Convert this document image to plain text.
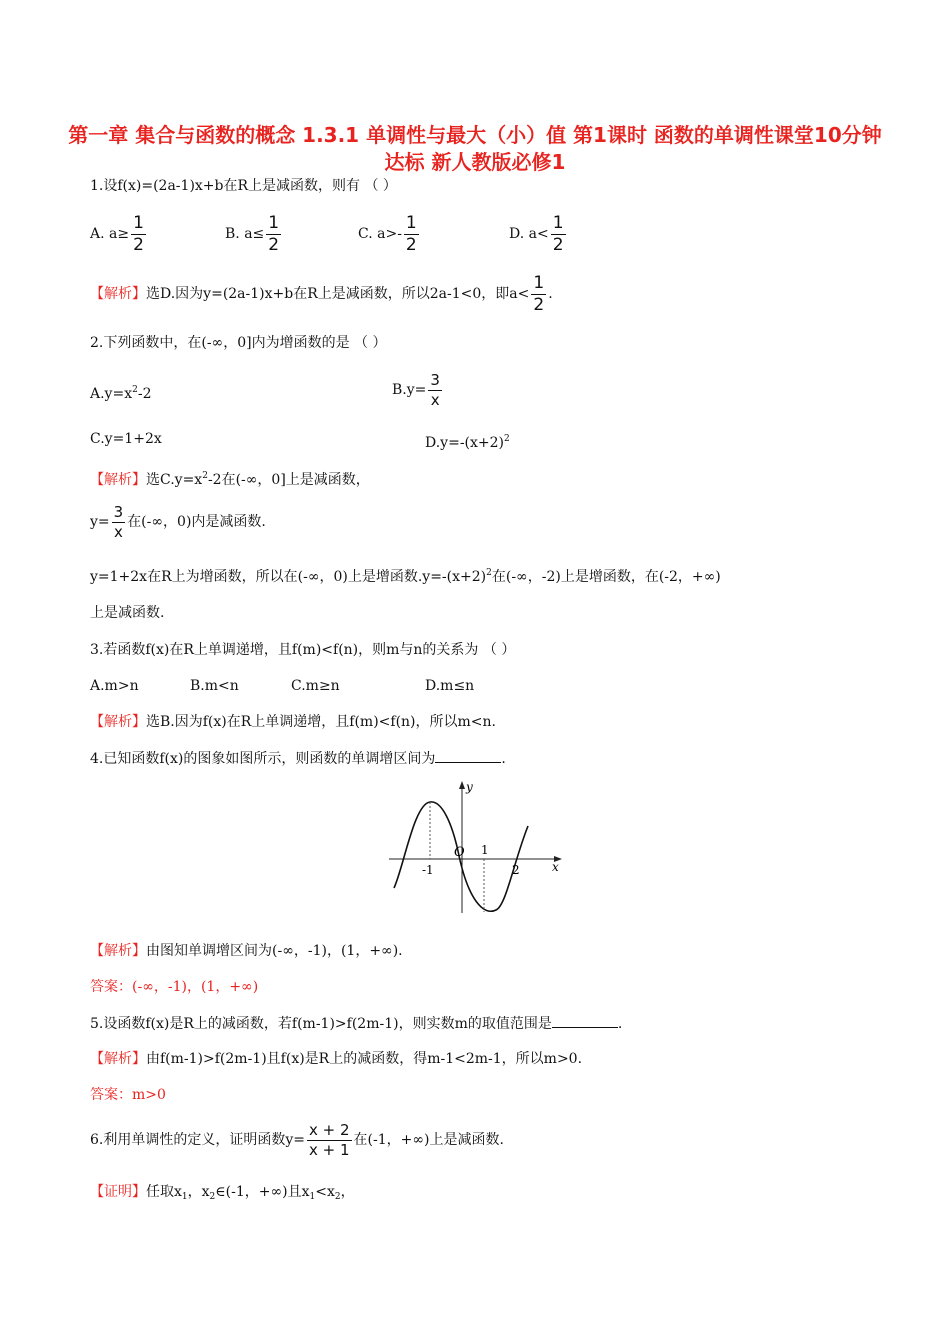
第一章 集合与函数的概念 1.3.1 单调性与最大（小）值 第1课时 函数的单调性课堂10分钟达标 新人教版必修1
1.设f(x)=(2a-1)x+b在R上是减函数，则有 （ ）
A. $a\ge \frac{1}{2}$	B. $a\le \frac{1}{2}$	C. $a>- \frac{1}{2}$	D. $a< \frac{1}{2}$
【解析】选D.因为y=(2a-1)x+b在R上是减函数，所以2a-1<0，即$a< \frac{1}{2}$ .
2.下列函数中，在(-∞，0]内为增函数的是 （ ）
$A.y=x^2-2$	$B.y= \frac{3}{x}$
C.y=1+2x	$D.y=-(x+2)^2$
【解析】选$C.y=x^2-2$在(-∞，0]上是减函数，
$y= \frac{3}{x}$ 在(-∞，0)内是减函数.
y=1+2x在R上为增函数，所以在(-∞，0)上是增函数$.y=-(x+2)^2$在(-∞，-2)上是增函数，在(-2，+∞)
上是减函数.
3.若函数f(x)在R上单调递增，且f(m)<f(n)，则m与n的关系为 （ ）
A.m>n	B.m<n	C.m≥n	D.m≤n
【解析】选B.因为f(x)在R上单调递增，且f(m)<f(n)，所以m<n.
4.已知函数f(x)的图象如图所示，则函数的单调增区间为	.
y
x
O
-1
1
2
【解析】由图知单调增区间为(-∞，-1)，(1，+∞).
答案：(-∞，-1)，(1，+∞)
5.设函数f(x)是R上的减函数，若f(m-1)>f(2m-1)，则实数m的取值范围是	.
【解析】由f(m-1)>f(2m-1)且f(x)是R上的减函数，得m-1<2m-1，所以m>0.
答案：m>0
6.利用单调性的定义，证明函数$y= \frac{x + 2}{x + 1}$ 在(-1，+∞)上是减函数.
【证明】任取$x_1$，$x_2\in(-1$，+∞)且$x_1<x_2$，
